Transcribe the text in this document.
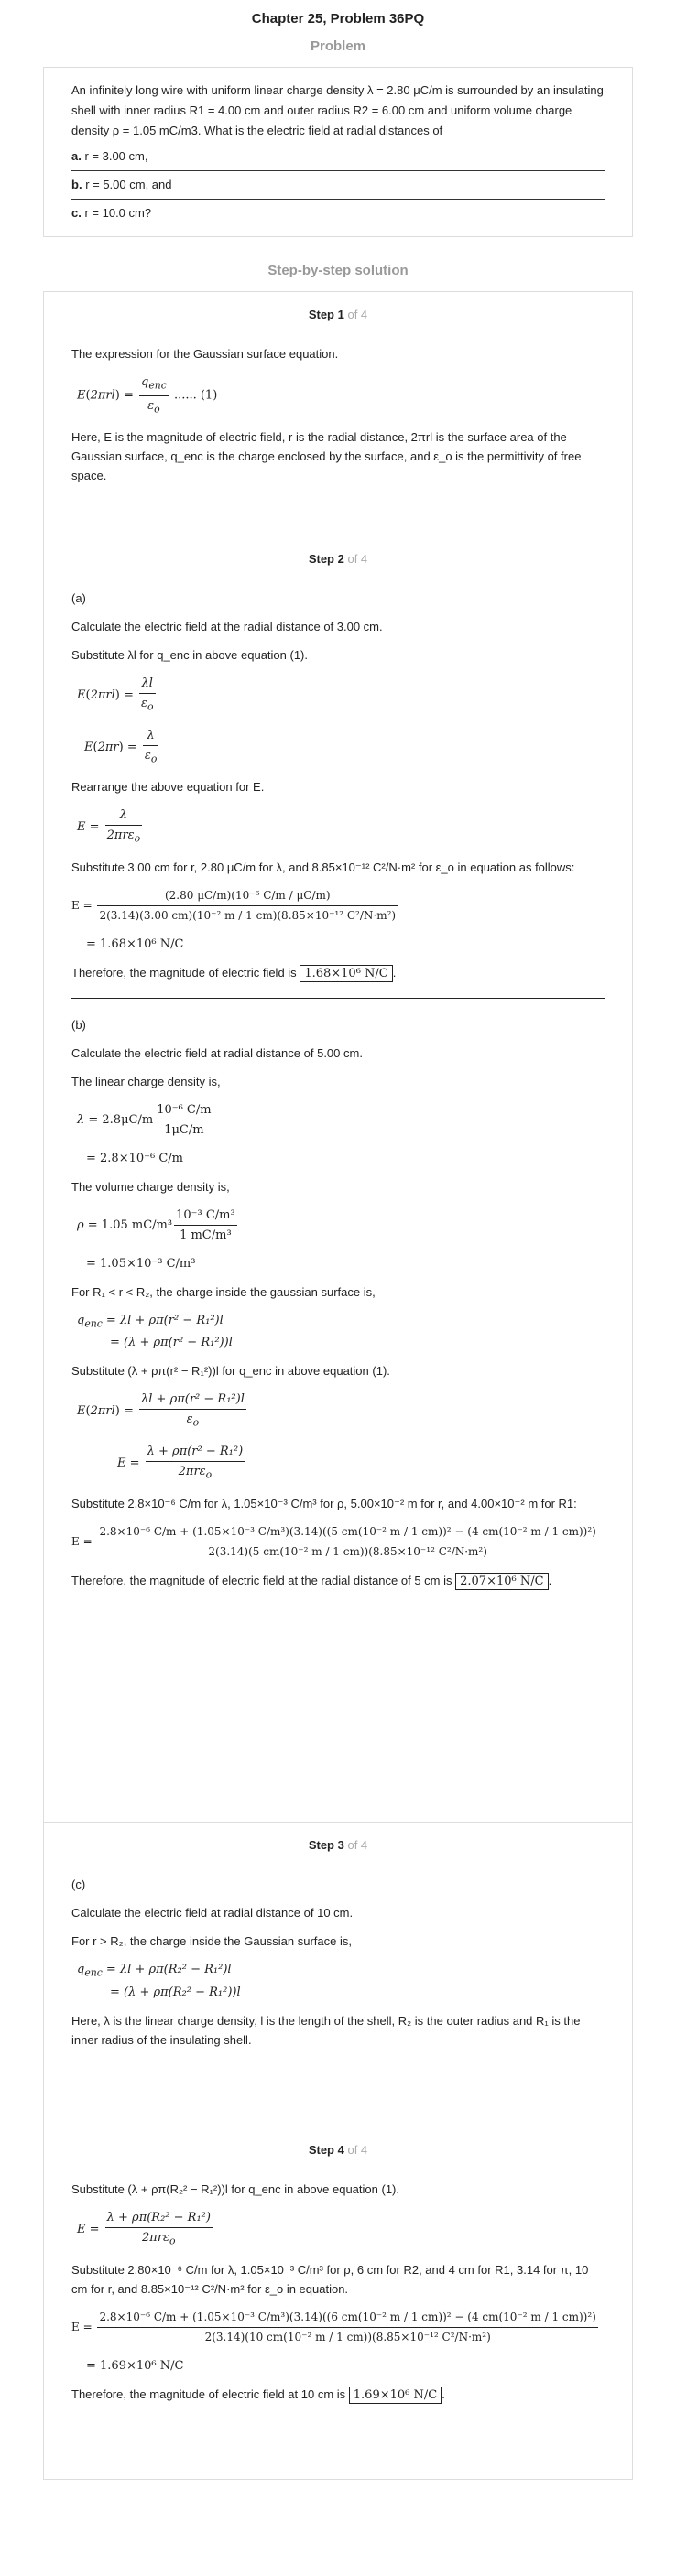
Chapter 25, Problem 36PQ
Problem

An infinitely long wire with uniform linear charge density λ = 2.80 μC/m is surrounded by an insulating shell with inner radius R1 = 4.00 cm and outer radius R2 = 6.00 cm and uniform volume charge density ρ = 1.05 mC/m3. What is the electric field at radial distances of

a. r = 3.00 cm,
b. r = 5.00 cm, and
c. r = 10.0 cm?
Step-by-step solution
Step 1 of 4

The expression for the Gaussian surface equation.

$E(2\pi rl) = \frac{q_{enc}}{\varepsilon_o}$ ...... (1)

Here, E is the magnitude of electric field, r is the radial distance, 2πrl is the surface area of the Gaussian surface, q_enc is the charge enclosed by the surface, and ε_o is the permittivity of free space.

Step 2 of 4

(a)

Calculate the electric field at the radial distance of 3.00 cm.

Substitute λl for q_enc in above equation (1).

$E(2\pi rl) = \frac{\lambda l}{\varepsilon_o}$
$E(2\pi r) = \frac{\lambda}{\varepsilon_o}$

Rearrange the above equation for E.

$E = \frac{\lambda}{2\pi r\varepsilon_o}$

Substitute 3.00 cm for r, 2.80 μC/m for λ, and 8.85×10⁻¹² C²/N·m² for ε_o in equation as follows:

$E = \frac{\text{(2.80 μC/m)(10⁻⁶ C/m / μC/m)}}{\text{2(3.14)(3.00 cm)(10⁻² m / 1 cm)(8.85×10⁻¹² C²/N·m²)}}$
= 1.68×10⁶ N/C

Therefore, the magnitude of electric field is 1.68×10⁶ N/C .

(b)

Calculate the electric field at radial distance of 5.00 cm.

The linear charge density is,

$\lambda = 2.8\mu C/m \frac{\text{10⁻⁶ C/m}}{1\mu C/m}$
= 2.8×10⁻⁶ C/m

The volume charge density is,

ρ = 1.05 $mC/m^3 \frac{\text{10⁻³ C/m³}}{\text{1 mC/m³}}$
= 1.05×10⁻³ C/m³

For R₁ < r < R₂, the charge inside the gaussian surface is,

$q_{enc} = \lambda l + \rho\pi(r^2 - R_1^2)l$
= (λ + ρπ(r² − R₁²))l

Substitute (λ + ρπ(r² − R₁²))l for q_enc in above equation (1).

$E(2\pi rl) = \frac{\text{λl + ρπ(r² − R₁²)l}}{\varepsilon_o}$
$E = \frac{\text{λ + ρπ(r² − R₁²)}}{2\pi r\varepsilon_o}$

Substitute 2.8×10⁻⁶ C/m for λ, 1.05×10⁻³ C/m³ for ρ, 5.00×10⁻² m for r, and 4.00×10⁻² m for R1:

E =
2.8×10⁻⁶ C/m + (1.05×10⁻³ C/m³)(3.14)((5 cm(10⁻² m / 1 cm))² − (4 cm(10⁻² m / 1 cm))²)
2(3.14)(5 cm(10⁻² m / 1 cm))(8.85×10⁻¹² C²/N·m²)

Therefore, the magnitude of electric field at the radial distance of 5 cm is 2.07×10⁶ N/C .

Step 3 of 4

(c)

Calculate the electric field at radial distance of 10 cm.

For r > R₂, the charge inside the Gaussian surface is,

$q_{enc} = \lambda l + \rho\pi(R_2^2 - R_1^2)l$
= (λ + ρπ(R₂² − R₁²))l

Here, λ is the linear charge density, l is the length of the shell, R₂ is the outer radius and R₁ is the inner radius of the insulating shell.

Step 4 of 4

Substitute (λ + ρπ(R₂² − R₁²))l for q_enc in above equation (1).

$E = \frac{\text{λ + ρπ(R₂² − R₁²)}}{2\pi r\varepsilon_o}$

Substitute 2.80×10⁻⁶ C/m for λ, 1.05×10⁻³ C/m³ for ρ, 6 cm for R2, and 4 cm for R1, 3.14 for π, 10 cm for r, and 8.85×10⁻¹² C²/N·m² for ε_o in equation.

E =
2.8×10⁻⁶ C/m + (1.05×10⁻³ C/m³)(3.14)((6 cm(10⁻² m / 1 cm))² − (4 cm(10⁻² m / 1 cm))²)
2(3.14)(10 cm(10⁻² m / 1 cm))(8.85×10⁻¹² C²/N·m²)
= 1.69×10⁶ N/C

Therefore, the magnitude of electric field at 10 cm is 1.69×10⁶ N/C .
